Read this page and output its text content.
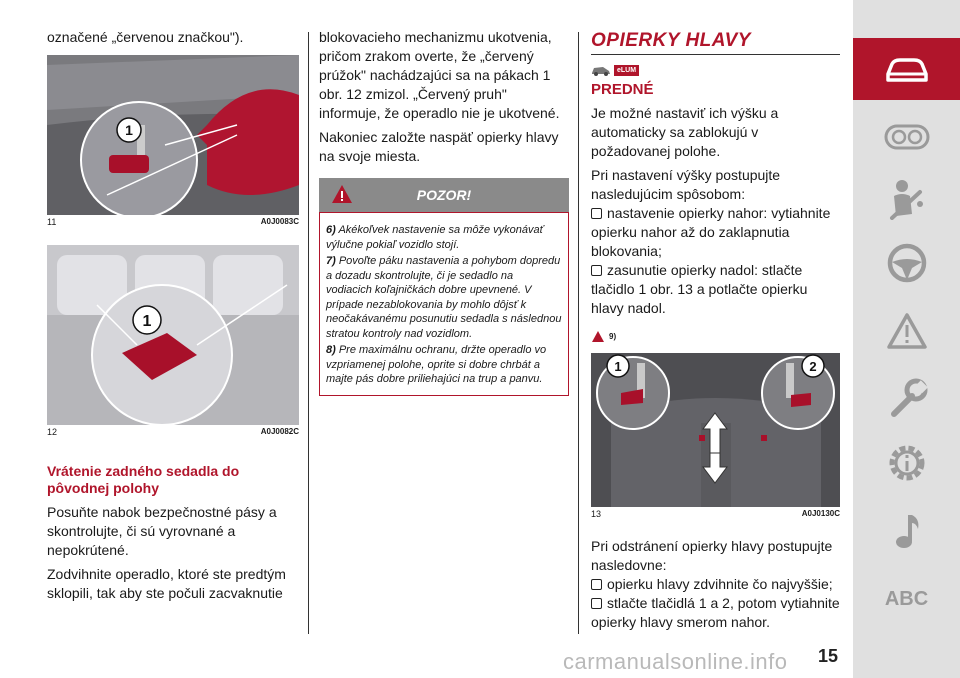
označené „červenou značkou").

1
11	A0J0083C
1
12	A0J0082C
Vrátenie zadného sedadla do pôvodnej polohy

Posuňte nabok bezpečnostné pásy a skontrolujte, či sú vyrovnané a nepokrútené.

Zodvihnite operadlo, ktoré ste predtým sklopili, tak aby ste počuli zacvaknutie

blokovacieho mechanizmu ukotvenia, pričom zrakom overte, že „červený prúžok" nachádzajúci sa na pákach 1 obr. 12 zmizol. „Červený pruh" informuje, že operadlo nie je ukotvené.

Nakoniec založte naspäť opierky hlavy na svoje miesta.

POZOR!
6) Akékoľvek nastavenie sa môže vykonávať výlučne pokiaľ vozidlo stojí.
7) Povoľte páku nastavenia a pohybom dopredu a dozadu skontrolujte, či je sedadlo na vodiacich koľajničkách dobre upevnené. V prípade nezablokovania by mohlo dôjsť k neočakávanému posunutiu sedadla s následnou stratou kontroly nad vozidlom.
8) Pre maximálnu ochranu, držte operadlo vo vzpriamenej polohe, oprite si dobre chrbát a majte pás dobre priliehajúci na trup a panvu.
OPIERKY HLAVY
eLUM
PREDNÉ

Je možné nastaviť ich výšku a automaticky sa zablokujú v požadovanej polohe.

Pri nastavení výšky postupujte nasledujúcim spôsobom:

nastavenie opierky nahor: vytiahnite opierku nahor až do zaklapnutia blokovania;
zasunutie opierky nadol: stlačte tlačidlo 1 obr. 13 a potlačte opierku hlavy nadol.
9)
1	2
13	A0J0130C

Pri odstránení opierky hlavy postupujte nasledovne:

opierku hlavy zdvihnite čo najvyššie;
stlačte tlačidlá 1 a 2, potom vytiahnite opierky hlavy smerom nahor.
ABC
carmanualsonline.info 15
